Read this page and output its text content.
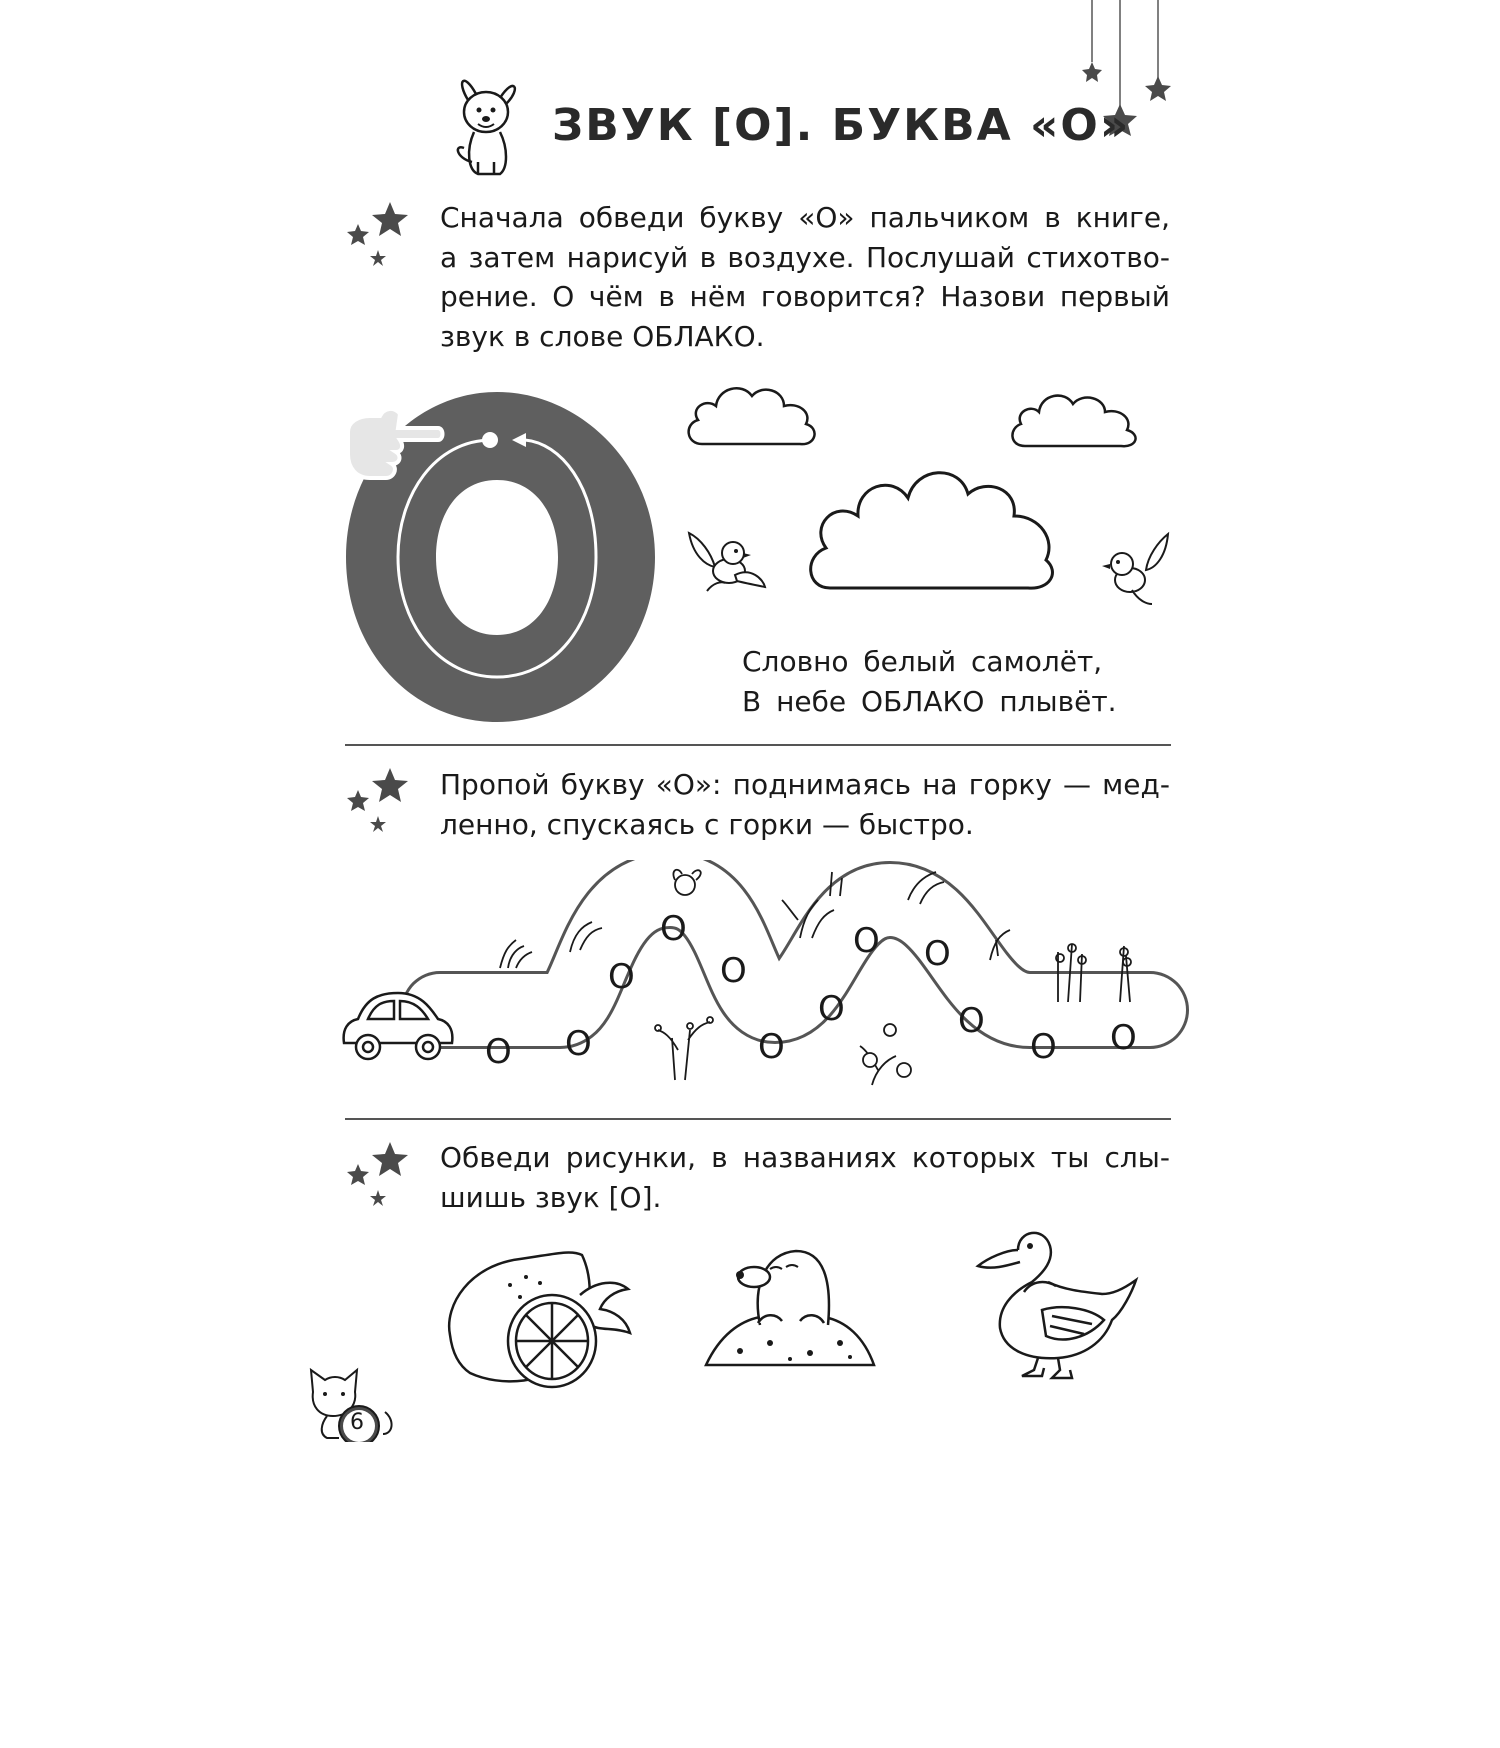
ЗВУК [О]. БУКВА «О»
Сначала обведи букву «О» пальчиком в книге,
а затем нарисуй в воздухе. Послушай стихотво-
рение. О чём в нём говорится? Назови первый
звук в слове ОБЛАКО.
Словно белый самолёт,
В небе ОБЛАКО плывёт.
Пропой букву «О»: поднимаясь на горку — мед-
ленно, спускаясь с горки — быстро.
О О
О
О
О
О
О
О О
О
О О
Обведи рисунки, в названиях которых ты слы-
шишь звук [О].
6
